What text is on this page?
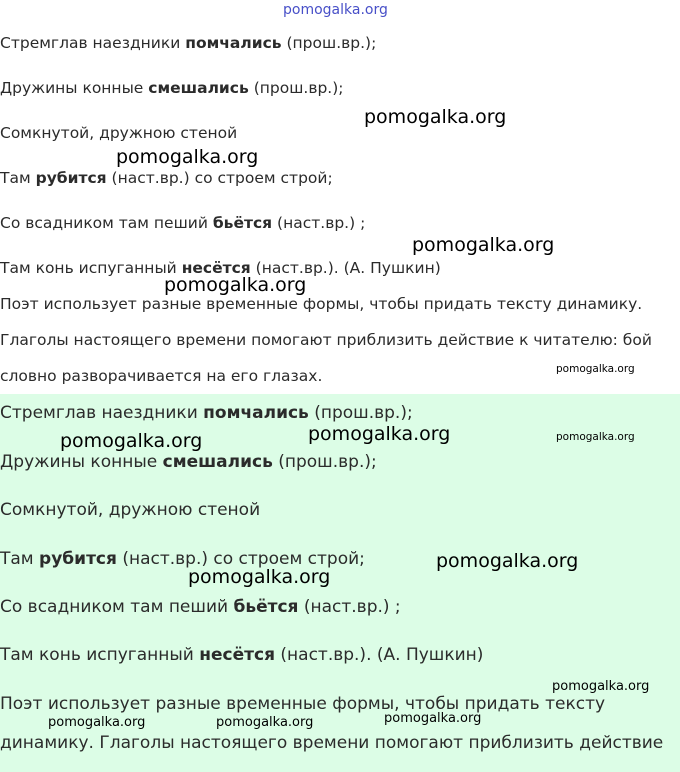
pomogalka.org
Стремглав наездники помчались (прош.вр.);
Дружины конные смешались (прош.вр.);
Сомкнутой, дружною стеной
Там рубится (наст.вр.) со строем строй;
Со всадником там пеший бьётся (наст.вр.) ;
Там конь испуганный несётся (наст.вр.). (А. Пушкин)
Поэт использует разные временные формы, чтобы придать тексту динамику.
Глаголы настоящего времени помогают приблизить действие к читателю: бой
словно разворачивается на его глазах.
Стремглав наездники помчались (прош.вр.);
Дружины конные смешались (прош.вр.);
Сомкнутой, дружною стеной
Там рубится (наст.вр.) со строем строй;
Со всадником там пеший бьётся (наст.вр.) ;
Там конь испуганный несётся (наст.вр.). (А. Пушкин)
Поэт использует разные временные формы, чтобы придать тексту
динамику. Глаголы настоящего времени помогают приблизить действие
pomogalka.org
pomogalka.org
pomogalka.org
pomogalka.org
pomogalka.org
pomogalka.org
pomogalka.org
pomogalka.org
pomogalka.org
pomogalka.org
pomogalka.org
pomogalka.org	pomogalka.org	pomogalka.org
